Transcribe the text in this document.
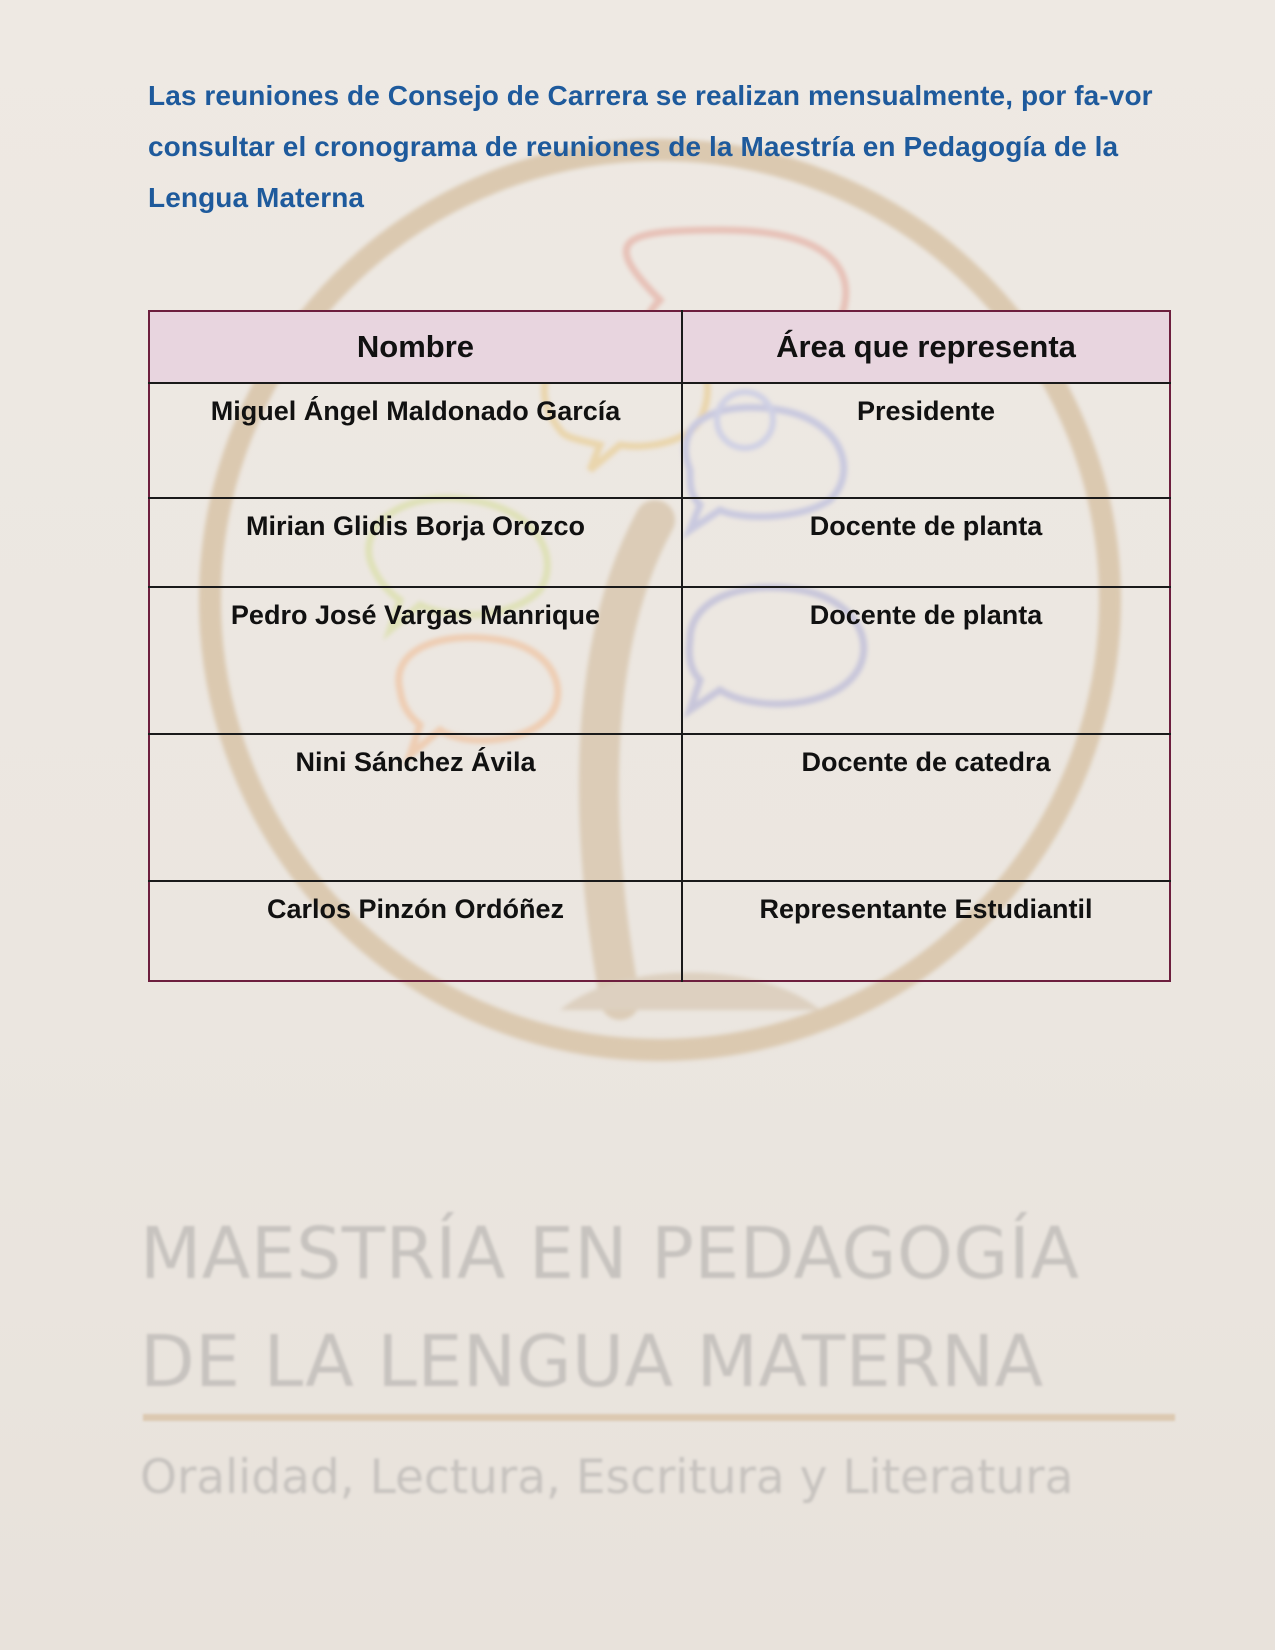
MAESTRÍA EN PEDAGOGÍA
DE LA LENGUA MATERNA
Oralidad, Lectura, Escritura y Literatura

Las reuniones de Consejo de Carrera se realizan mensualmente, por fa-vor consultar el cronograma de reuniones de la Maestría en Pedagogía de la Lengua Materna

Nombre	Área que representa
Miguel Ángel Maldonado García	Presidente
Mirian Glidis Borja Orozco	Docente de planta
Pedro José Vargas Manrique	Docente de planta
Nini Sánchez Ávila	Docente de catedra
Carlos Pinzón Ordóñez	Representante Estudiantil
